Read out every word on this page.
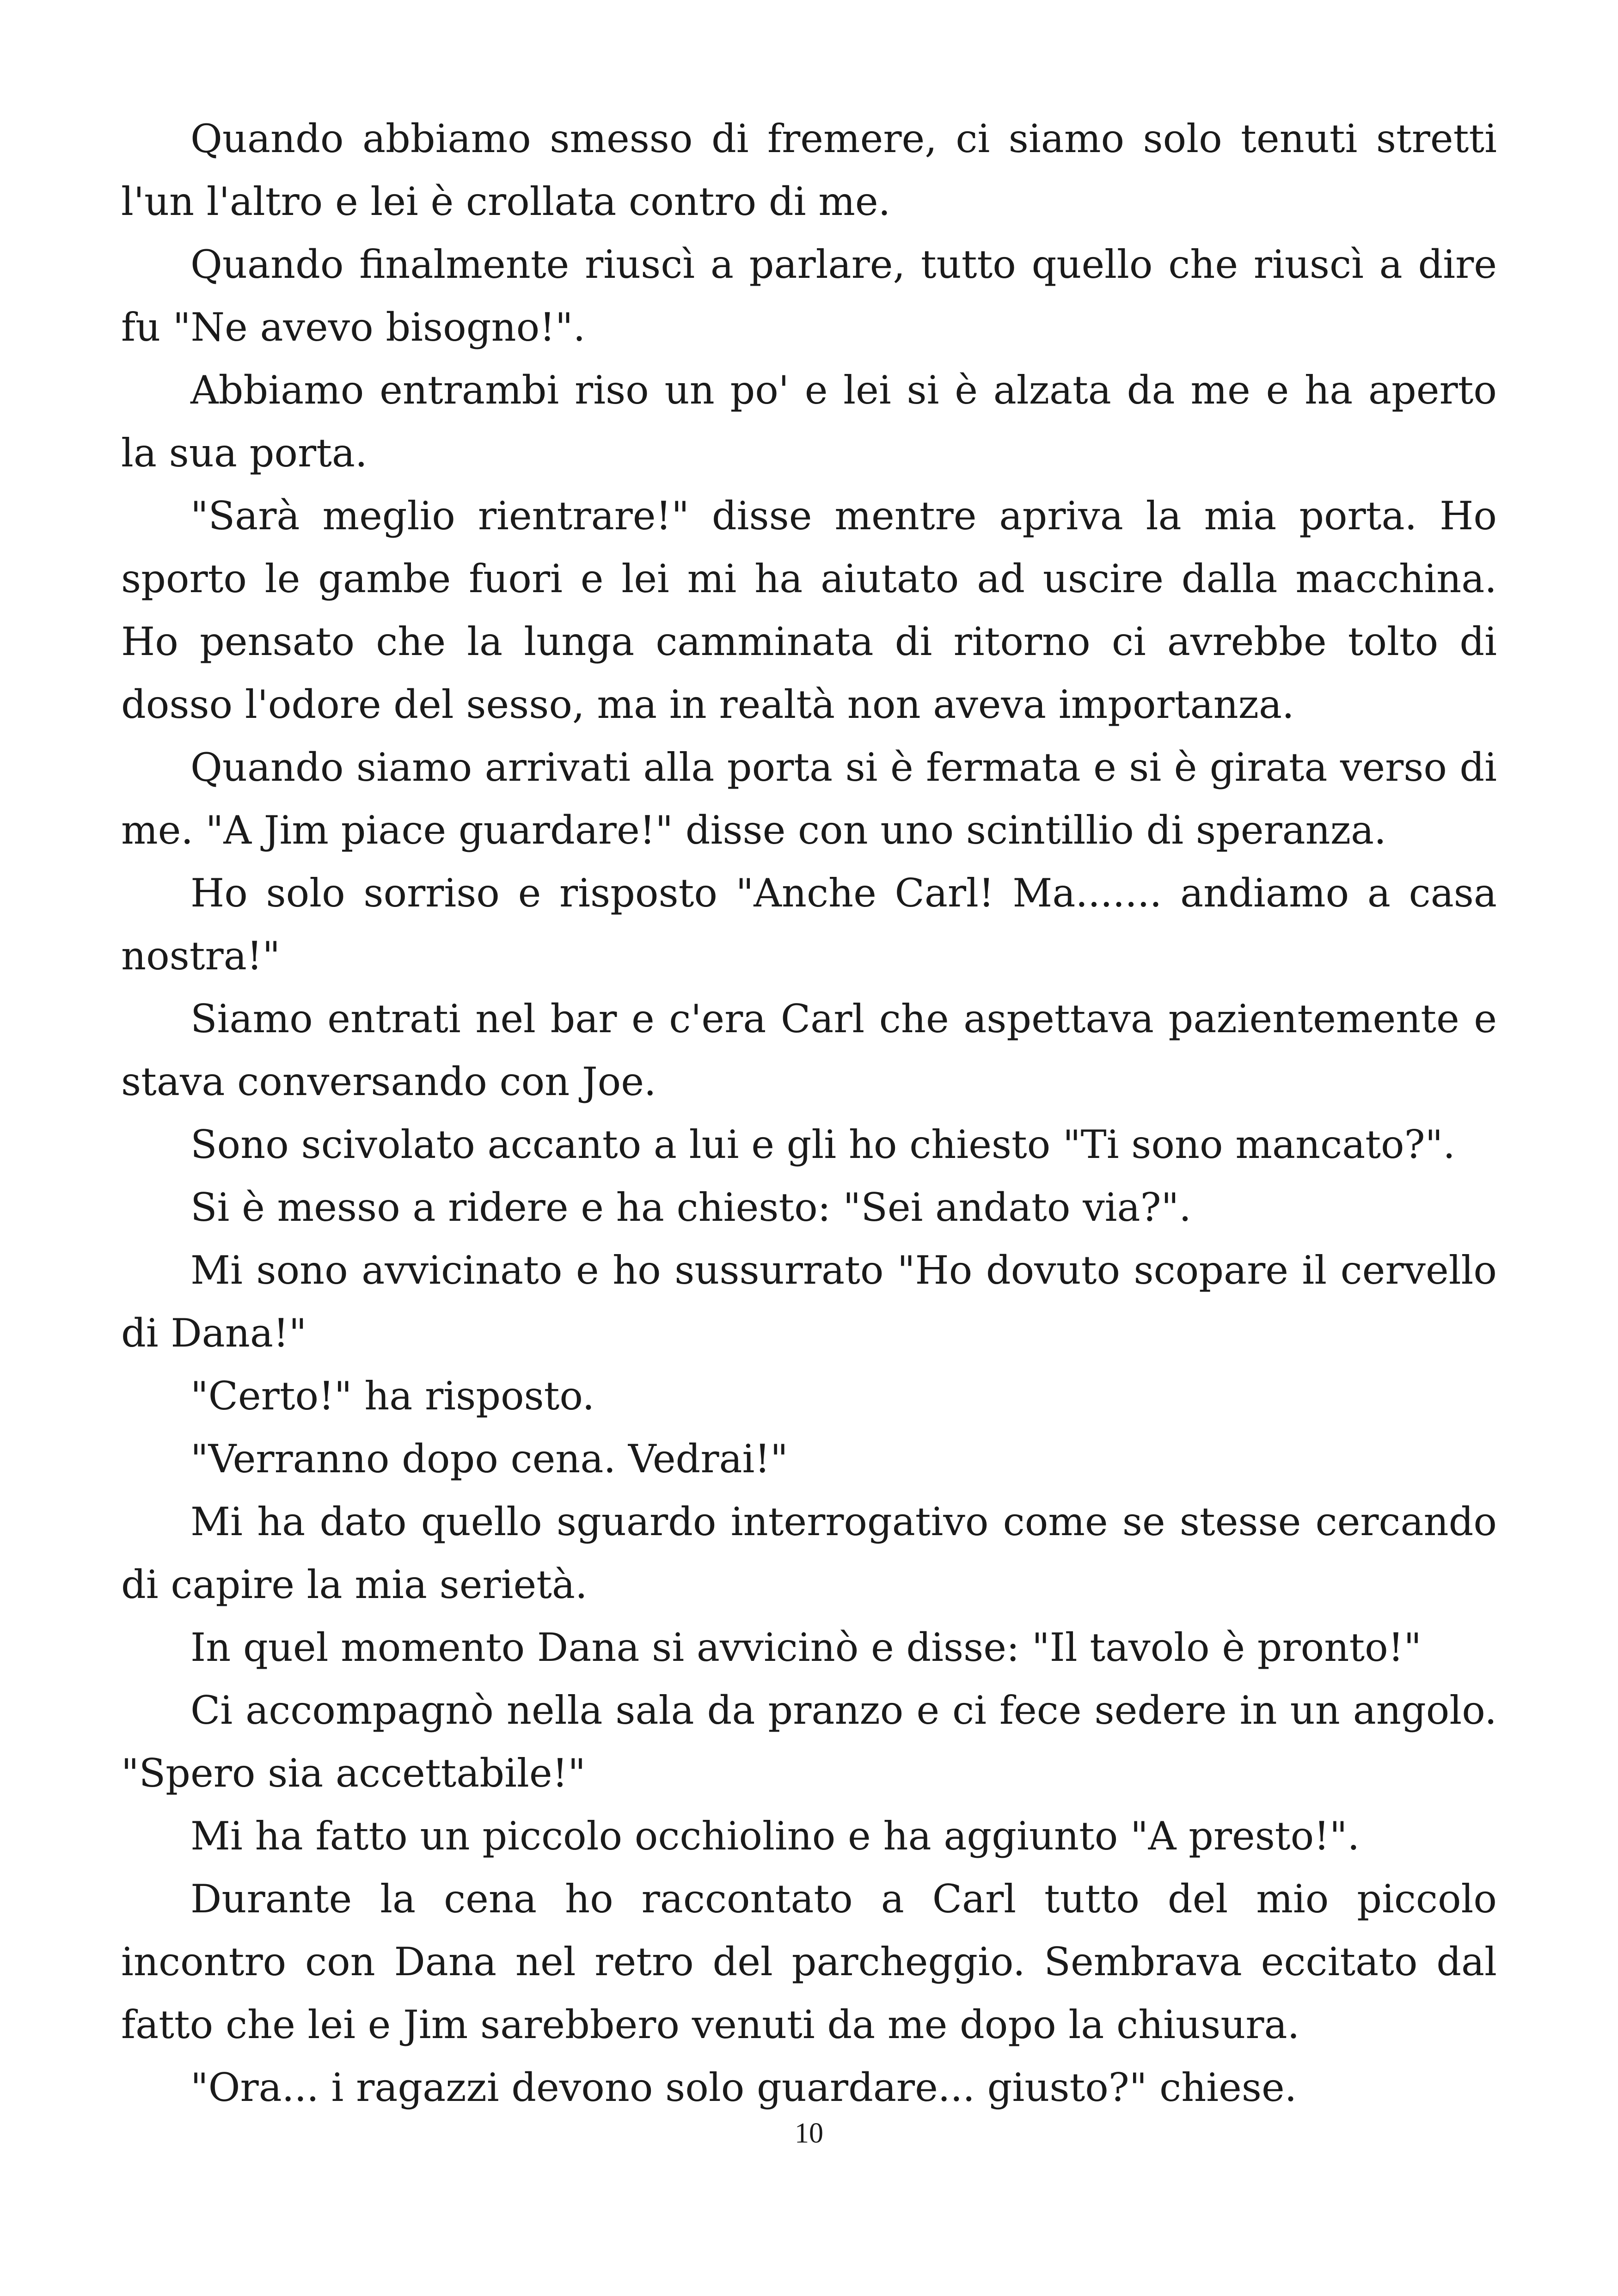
Quando abbiamo smesso di fremere, ci siamo solo tenuti stretti l'un l'altro e lei è crollata contro di me.

Quando finalmente riuscì a parlare, tutto quello che riuscì a dire fu "Ne avevo bisogno!".

Abbiamo entrambi riso un po' e lei si è alzata da me e ha aperto la sua porta.

"Sarà meglio rientrare!" disse mentre apriva la mia porta. Ho sporto le gambe fuori e lei mi ha aiutato ad uscire dalla macchina. Ho pensato che la lunga camminata di ritorno ci avrebbe tolto di dosso l'odore del sesso, ma in realtà non aveva importanza.

Quando siamo arrivati alla porta si è fermata e si è girata verso di me. "A Jim piace guardare!" disse con uno scintillio di speranza.

Ho solo sorriso e risposto "Anche Carl! Ma....... andiamo a casa nostra!"

Siamo entrati nel bar e c'era Carl che aspettava pazientemente e stava conversando con Joe.

Sono scivolato accanto a lui e gli ho chiesto "Ti sono mancato?".

Si è messo a ridere e ha chiesto: "Sei andato via?".

Mi sono avvicinato e ho sussurrato "Ho dovuto scopare il cervello di Dana!"

"Certo!" ha risposto.

"Verranno dopo cena. Vedrai!"

Mi ha dato quello sguardo interrogativo come se stesse cercando di capire la mia serietà.

In quel momento Dana si avvicinò e disse: "Il tavolo è pronto!"

Ci accompagnò nella sala da pranzo e ci fece sedere in un angolo. "Spero sia accettabile!"

Mi ha fatto un piccolo occhiolino e ha aggiunto "A presto!".

Durante la cena ho raccontato a Carl tutto del mio piccolo incontro con Dana nel retro del parcheggio. Sembrava eccitato dal fatto che lei e Jim sarebbero venuti da me dopo la chiusura.

"Ora... i ragazzi devono solo guardare... giusto?" chiese.

10
